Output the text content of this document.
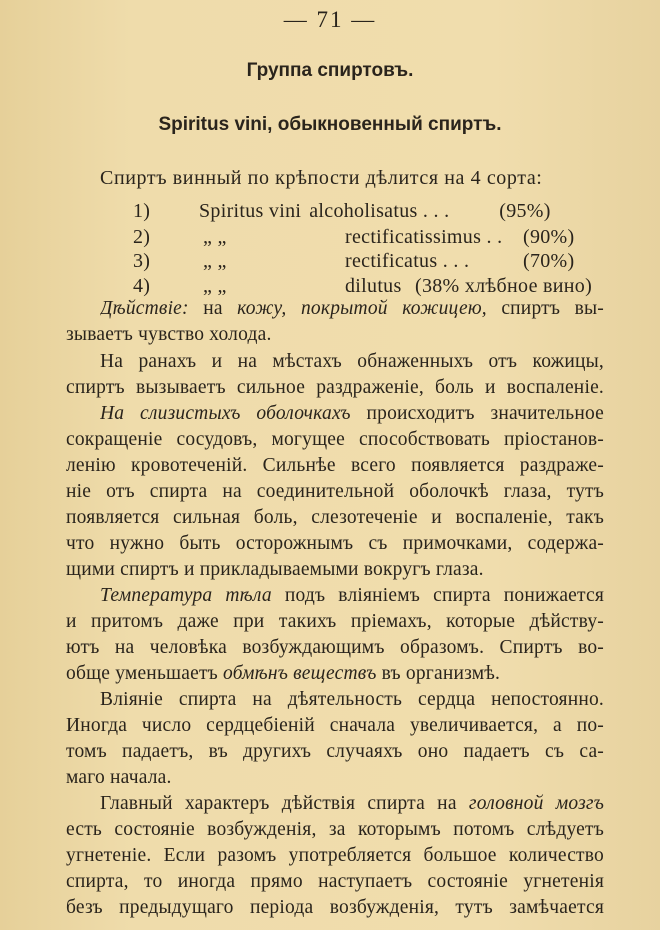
— 71 —
Группа спиртовъ.
Spiritus vini, обыкновенный спиртъ.
Спиртъ винный по крѣпости дѣлится на 4 сорта:
1) Spiritus vini alcoholisatus . . . (95%)
2)	„ „	rectificatissimus . . (90%)
3)	„ „	rectificatus . . .	(70%)
4)	„ „	dilutus (38% хлѣбное вино)
Дѣйствіе: на кожу, покрытой кожицею, спиртъ вы-
зываетъ чувство холода.
На ранахъ и на мѣстахъ обнаженныхъ отъ кожицы,
спиртъ вызываетъ сильное раздраженіе, боль и воспаленіе.
На слизистыхъ оболочкахъ происходитъ значительное
сокращеніе сосудовъ, могущее способствовать пріостанов-
ленію кровотеченій. Сильнѣе всего появляется раздраже-
ніе отъ спирта на соединительной оболочкѣ глаза, тутъ
появляется сильная боль, слезотеченіе и воспаленіе, такъ
что нужно быть осторожнымъ съ примочками, содержа-
щими спиртъ и прикладываемыми вокругъ глаза.
Температура тѣла подъ вліяніемъ спирта понижается
и притомъ даже при такихъ пріемахъ, которые дѣйству-
ютъ на человѣка возбуждающимъ образомъ. Спиртъ во-
обще уменьшаетъ обмѣнъ веществъ въ организмѣ.
Вліяніе спирта на дѣятельность сердца непостоянно.
Иногда число сердцебіеній сначала увеличивается, а по-
томъ падаетъ, въ другихъ случаяхъ оно падаетъ съ са-
маго начала.
Главный характеръ дѣйствія спирта на головной мозгъ
есть состояніе возбужденія, за которымъ потомъ слѣдуетъ
угнетеніе. Если разомъ употребляется большое количество
спирта, то иногда прямо наступаетъ состояніе угнетенія
безъ предыдущаго періода возбужденія, тутъ замѣчается
